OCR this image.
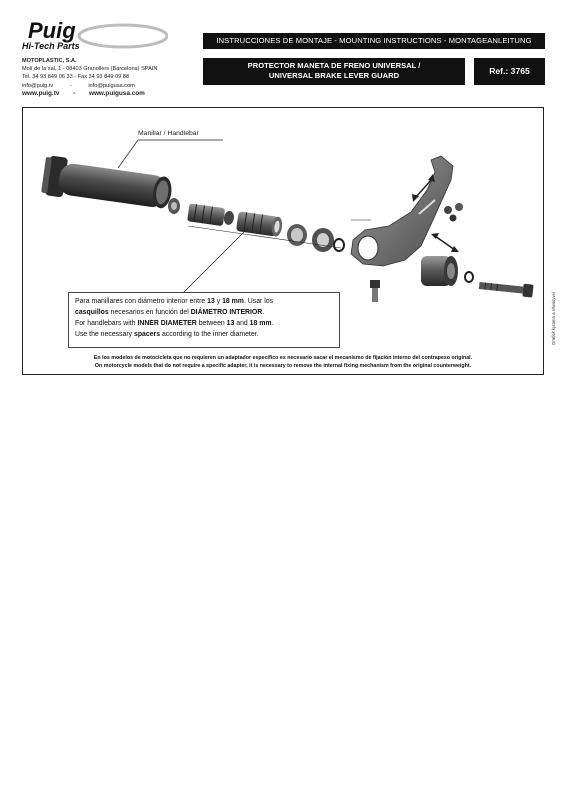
Puig
Hi-Tech Parts
MOTOPLASTIC, S.A.
Molí de la sal, 1 - 08403 Granollers (Barcelona) SPAIN
Tel. 34 93 849 06 33 - Fax 34 93 849 09 88
info@puig.tv	-	info@puigusa.com
www.puig.tv - www.puigusa.com
INSTRUCCIONES DE MONTAJE - MOUNTING INSTRUCTIONS - MONTAGEANLEITUNG
PROTECTOR MANETA DE FRENO UNIVERSAL /
UNIVERSAL BRAKE LEVER GUARD	Ref.: 3765
Manillar / Handlebar
Para manillares con diámetro interior entre 13 y 18 mm. Usar los
casquillos necesarios en función del DIÁMETRO INTERIOR.
For handlebars with INNER DIAMETER between 13 and 18 mm.
Use the necessary spacers according to the inner diameter.
En los modelos de motocicleta que no requieren un adaptador específico es necesario sacar el mecanismo de fijación interno del contrapeso original.
On motorcycle models that do not require a specific adapter, it is necessary to remove the internal fixing mechanism from the original counterweight.
Grafisk kyrama a.Vlwairyvxl
